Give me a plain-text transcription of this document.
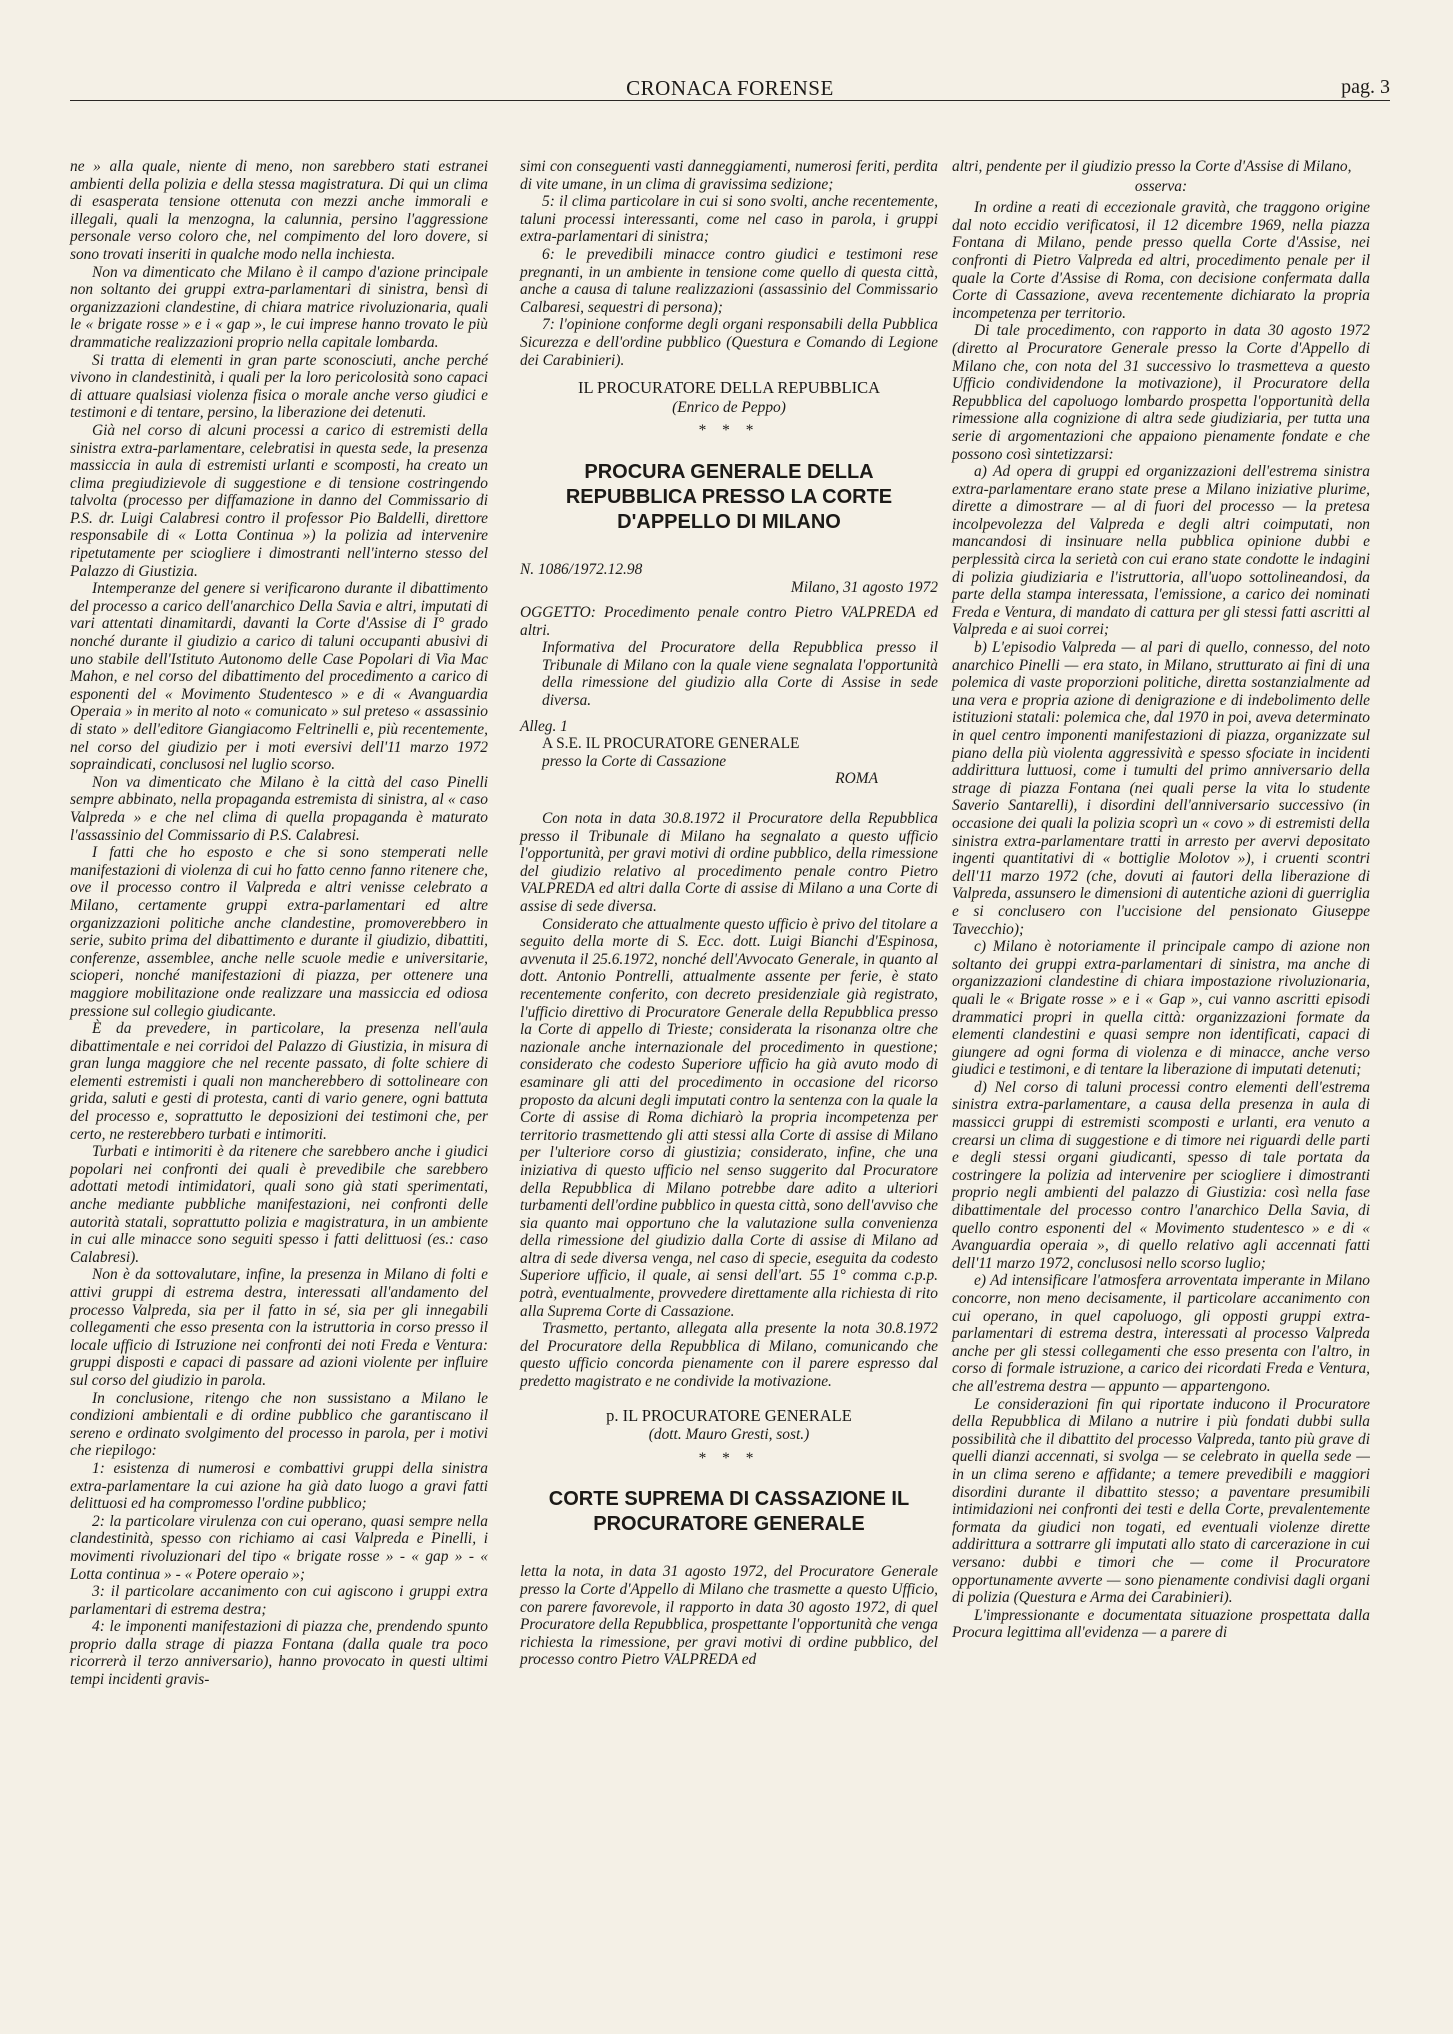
CRONACA FORENSE	pag. 3

ne » alla quale, niente di meno, non sarebbero stati estranei ambienti della polizia e della stessa magistratura. Di qui un clima di esasperata tensione ottenuta con mezzi anche immorali e illegali, quali la menzogna, la calunnia, persino l'aggressione personale verso coloro che, nel compimento del loro dovere, si sono trovati inseriti in qualche modo nella inchiesta.

Non va dimenticato che Milano è il campo d'azione principale non soltanto dei gruppi extra-parlamentari di sinistra, bensì di organizzazioni clandestine, di chiara matrice rivoluzionaria, quali le « brigate rosse » e i « gap », le cui imprese hanno trovato le più drammatiche realizzazioni proprio nella capitale lombarda.

Si tratta di elementi in gran parte sconosciuti, anche perché vivono in clandestinità, i quali per la loro pericolosità sono capaci di attuare qualsiasi violenza fisica o morale anche verso giudici e testimoni e di tentare, persino, la liberazione dei detenuti.

Già nel corso di alcuni processi a carico di estremisti della sinistra extra-parlamentare, celebratisi in questa sede, la presenza massiccia in aula di estremisti urlanti e scomposti, ha creato un clima pregiudizievole di suggestione e di tensione costringendo talvolta (processo per diffamazione in danno del Commissario di P.S. dr. Luigi Calabresi contro il professor Pio Baldelli, direttore responsabile di « Lotta Continua ») la polizia ad intervenire ripetutamente per sciogliere i dimostranti nell'interno stesso del Palazzo di Giustizia.

Intemperanze del genere si verificarono durante il dibattimento del processo a carico dell'anarchico Della Savia e altri, imputati di vari attentati dinamitardi, davanti la Corte d'Assise di I° grado nonché durante il giudizio a carico di taluni occupanti abusivi di uno stabile dell'Istituto Autonomo delle Case Popolari di Via Mac Mahon, e nel corso del dibattimento del procedimento a carico di esponenti del « Movimento Studentesco » e di « Avanguardia Operaia » in merito al noto « comunicato » sul preteso « assassinio di stato » dell'editore Giangiacomo Feltrinelli e, più recentemente, nel corso del giudizio per i moti eversivi dell'11 marzo 1972 sopraindicati, conclusosi nel luglio scorso.

Non va dimenticato che Milano è la città del caso Pinelli sempre abbinato, nella propaganda estremista di sinistra, al « caso Valpreda » e che nel clima di quella propaganda è maturato l'assassinio del Commissario di P.S. Calabresi.

I fatti che ho esposto e che si sono stemperati nelle manifestazioni di violenza di cui ho fatto cenno fanno ritenere che, ove il processo contro il Valpreda e altri venisse celebrato a Milano, certamente gruppi extra-parlamentari ed altre organizzazioni politiche anche clandestine, promoverebbero in serie, subito prima del dibattimento e durante il giudizio, dibattiti, conferenze, assemblee, anche nelle scuole medie e universitarie, scioperi, nonché manifestazioni di piazza, per ottenere una maggiore mobilitazione onde realizzare una massiccia ed odiosa pressione sul collegio giudicante.

È da prevedere, in particolare, la presenza nell'aula dibattimentale e nei corridoi del Palazzo di Giustizia, in misura di gran lunga maggiore che nel recente passato, di folte schiere di elementi estremisti i quali non mancherebbero di sottolineare con grida, saluti e gesti di protesta, canti di vario genere, ogni battuta del processo e, soprattutto le deposizioni dei testimoni che, per certo, ne resterebbero turbati e intimoriti.

Turbati e intimoriti è da ritenere che sarebbero anche i giudici popolari nei confronti dei quali è prevedibile che sarebbero adottati metodi intimidatori, quali sono già stati sperimentati, anche mediante pubbliche manifestazioni, nei confronti delle autorità statali, soprattutto polizia e magistratura, in un ambiente in cui alle minacce sono seguiti spesso i fatti delittuosi (es.: caso Calabresi).

Non è da sottovalutare, infine, la presenza in Milano di folti e attivi gruppi di estrema destra, interessati all'andamento del processo Valpreda, sia per il fatto in sé, sia per gli innegabili collegamenti che esso presenta con la istruttoria in corso presso il locale ufficio di Istruzione nei confronti dei noti Freda e Ventura: gruppi disposti e capaci di passare ad azioni violente per influire sul corso del giudizio in parola.

In conclusione, ritengo che non sussistano a Milano le condizioni ambientali e di ordine pubblico che garantiscano il sereno e ordinato svolgimento del processo in parola, per i motivi che riepilogo:

1: esistenza di numerosi e combattivi gruppi della sinistra extra-parlamentare la cui azione ha già dato luogo a gravi fatti delittuosi ed ha compromesso l'ordine pubblico;

2: la particolare virulenza con cui operano, quasi sempre nella clandestinità, spesso con richiamo ai casi Valpreda e Pinelli, i movimenti rivoluzionari del tipo « brigate rosse » - « gap » - « Lotta continua » - « Potere operaio »;

3: il particolare accanimento con cui agiscono i gruppi extra parlamentari di estrema destra;

4: le imponenti manifestazioni di piazza che, prendendo spunto proprio dalla strage di piazza Fontana (dalla quale tra poco ricorrerà il terzo anniversario), hanno provocato in questi ultimi tempi incidenti gravis-

simi con conseguenti vasti danneggiamenti, numerosi feriti, perdita di vite umane, in un clima di gravissima sedizione;

5: il clima particolare in cui si sono svolti, anche recentemente, taluni processi interessanti, come nel caso in parola, i gruppi extra-parlamentari di sinistra;

6: le prevedibili minacce contro giudici e testimoni rese pregnanti, in un ambiente in tensione come quello di questa città, anche a causa di talune realizzazioni (assassinio del Commissario Calbaresi, sequestri di persona);

7: l'opinione conforme degli organi responsabili della Pubblica Sicurezza e dell'ordine pubblico (Questura e Comando di Legione dei Carabinieri).

IL PROCURATORE DELLA REPUBBLICA

(Enrico de Peppo)

* * *

PROCURA GENERALE DELLA REPUBBLICA PRESSO LA CORTE D'APPELLO DI MILANO

N. 1086/1972.12.98

Milano, 31 agosto 1972

OGGETTO: Procedimento penale contro Pietro VALPREDA ed altri.

Informativa del Procuratore della Repubblica presso il Tribunale di Milano con la quale viene segnalata l'opportunità della rimessione del giudizio alla Corte di Assise in sede diversa.

Alleg. 1

A S.E. IL PROCURATORE GENERALE

presso la Corte di Cassazione

ROMA

Con nota in data 30.8.1972 il Procuratore della Repubblica presso il Tribunale di Milano ha segnalato a questo ufficio l'opportunità, per gravi motivi di ordine pubblico, della rimessione del giudizio relativo al procedimento penale contro Pietro VALPREDA ed altri dalla Corte di assise di Milano a una Corte di assise di sede diversa.

Considerato che attualmente questo ufficio è privo del titolare a seguito della morte di S. Ecc. dott. Luigi Bianchi d'Espinosa, avvenuta il 25.6.1972, nonché dell'Avvocato Generale, in quanto al dott. Antonio Pontrelli, attualmente assente per ferie, è stato recentemente conferito, con decreto presidenziale già registrato, l'ufficio direttivo di Procuratore Generale della Repubblica presso la Corte di appello di Trieste; considerata la risonanza oltre che nazionale anche internazionale del procedimento in questione; considerato che codesto Superiore ufficio ha già avuto modo di esaminare gli atti del procedimento in occasione del ricorso proposto da alcuni degli imputati contro la sentenza con la quale la Corte di assise di Roma dichiarò la propria incompetenza per territorio trasmettendo gli atti stessi alla Corte di assise di Milano per l'ulteriore corso di giustizia; considerato, infine, che una iniziativa di questo ufficio nel senso suggerito dal Procuratore della Repubblica di Milano potrebbe dare adito a ulteriori turbamenti dell'ordine pubblico in questa città, sono dell'avviso che sia quanto mai opportuno che la valutazione sulla convenienza della rimessione del giudizio dalla Corte di assise di Milano ad altra di sede diversa venga, nel caso di specie, eseguita da codesto Superiore ufficio, il quale, ai sensi dell'art. 55 1° comma c.p.p. potrà, eventualmente, provvedere direttamente alla richiesta di rito alla Suprema Corte di Cassazione.

Trasmetto, pertanto, allegata alla presente la nota 30.8.1972 del Procuratore della Repubblica di Milano, comunicando che questo ufficio concorda pienamente con il parere espresso dal predetto magistrato e ne condivide la motivazione.

p. IL PROCURATORE GENERALE

(dott. Mauro Gresti, sost.)

* * *

CORTE SUPREMA DI CASSAZIONE IL PROCURATORE GENERALE

letta la nota, in data 31 agosto 1972, del Procuratore Generale presso la Corte d'Appello di Milano che trasmette a questo Ufficio, con parere favorevole, il rapporto in data 30 agosto 1972, di quel Procuratore della Repubblica, prospettante l'opportunità che venga richiesta la rimessione, per gravi motivi di ordine pubblico, del processo contro Pietro VALPREDA ed

altri, pendente per il giudizio presso la Corte d'Assise di Milano,

osserva:

In ordine a reati di eccezionale gravità, che traggono origine dal noto eccidio verificatosi, il 12 dicembre 1969, nella piazza Fontana di Milano, pende presso quella Corte d'Assise, nei confronti di Pietro Valpreda ed altri, procedimento penale per il quale la Corte d'Assise di Roma, con decisione confermata dalla Corte di Cassazione, aveva recentemente dichiarato la propria incompetenza per territorio.

Di tale procedimento, con rapporto in data 30 agosto 1972 (diretto al Procuratore Generale presso la Corte d'Appello di Milano che, con nota del 31 successivo lo trasmetteva a questo Ufficio condividendone la motivazione), il Procuratore della Repubblica del capoluogo lombardo prospetta l'opportunità della rimessione alla cognizione di altra sede giudiziaria, per tutta una serie di argomentazioni che appaiono pienamente fondate e che possono così sintetizzarsi:

a) Ad opera di gruppi ed organizzazioni dell'estrema sinistra extra-parlamentare erano state prese a Milano iniziative plurime, dirette a dimostrare — al di fuori del processo — la pretesa incolpevolezza del Valpreda e degli altri coimputati, non mancandosi di insinuare nella pubblica opinione dubbi e perplessità circa la serietà con cui erano state condotte le indagini di polizia giudiziaria e l'istruttoria, all'uopo sottolineandosi, da parte della stampa interessata, l'emissione, a carico dei nominati Freda e Ventura, di mandato di cattura per gli stessi fatti ascritti al Valpreda e ai suoi correi;

b) L'episodio Valpreda — al pari di quello, connesso, del noto anarchico Pinelli — era stato, in Milano, strutturato ai fini di una polemica di vaste proporzioni politiche, diretta sostanzialmente ad una vera e propria azione di denigrazione e di indebolimento delle istituzioni statali: polemica che, dal 1970 in poi, aveva determinato in quel centro imponenti manifestazioni di piazza, organizzate sul piano della più violenta aggressività e spesso sfociate in incidenti addirittura luttuosi, come i tumulti del primo anniversario della strage di piazza Fontana (nei quali perse la vita lo studente Saverio Santarelli), i disordini dell'anniversario successivo (in occasione dei quali la polizia scoprì un « covo » di estremisti della sinistra extra-parlamentare tratti in arresto per avervi depositato ingenti quantitativi di « bottiglie Molotov »), i cruenti scontri dell'11 marzo 1972 (che, dovuti ai fautori della liberazione di Valpreda, assunsero le dimensioni di autentiche azioni di guerriglia e si conclusero con l'uccisione del pensionato Giuseppe Tavecchio);

c) Milano è notoriamente il principale campo di azione non soltanto dei gruppi extra-parlamentari di sinistra, ma anche di organizzazioni clandestine di chiara impostazione rivoluzionaria, quali le « Brigate rosse » e i « Gap », cui vanno ascritti episodi drammatici propri in quella città: organizzazioni formate da elementi clandestini e quasi sempre non identificati, capaci di giungere ad ogni forma di violenza e di minacce, anche verso giudici e testimoni, e di tentare la liberazione di imputati detenuti;

d) Nel corso di taluni processi contro elementi dell'estrema sinistra extra-parlamentare, a causa della presenza in aula di massicci gruppi di estremisti scomposti e urlanti, era venuto a crearsi un clima di suggestione e di timore nei riguardi delle parti e degli stessi organi giudicanti, spesso di tale portata da costringere la polizia ad intervenire per sciogliere i dimostranti proprio negli ambienti del palazzo di Giustizia: così nella fase dibattimentale del processo contro l'anarchico Della Savia, di quello contro esponenti del « Movimento studentesco » e di « Avanguardia operaia », di quello relativo agli accennati fatti dell'11 marzo 1972, conclusosi nello scorso luglio;

e) Ad intensificare l'atmosfera arroventata imperante in Milano concorre, non meno decisamente, il particolare accanimento con cui operano, in quel capoluogo, gli opposti gruppi extra-parlamentari di estrema destra, interessati al processo Valpreda anche per gli stessi collegamenti che esso presenta con l'altro, in corso di formale istruzione, a carico dei ricordati Freda e Ventura, che all'estrema destra — appunto — appartengono.

Le considerazioni fin qui riportate inducono il Procuratore della Repubblica di Milano a nutrire i più fondati dubbi sulla possibilità che il dibattito del processo Valpreda, tanto più grave di quelli dianzi accennati, si svolga — se celebrato in quella sede — in un clima sereno e affidante; a temere prevedibili e maggiori disordini durante il dibattito stesso; a paventare presumibili intimidazioni nei confronti dei testi e della Corte, prevalentemente formata da giudici non togati, ed eventuali violenze dirette addirittura a sottrarre gli imputati allo stato di carcerazione in cui versano: dubbi e timori che — come il Procuratore opportunamente avverte — sono pienamente condivisi dagli organi di polizia (Questura e Arma dei Carabinieri).

L'impressionante e documentata situazione prospettata dalla Procura legittima all'evidenza — a parere di
